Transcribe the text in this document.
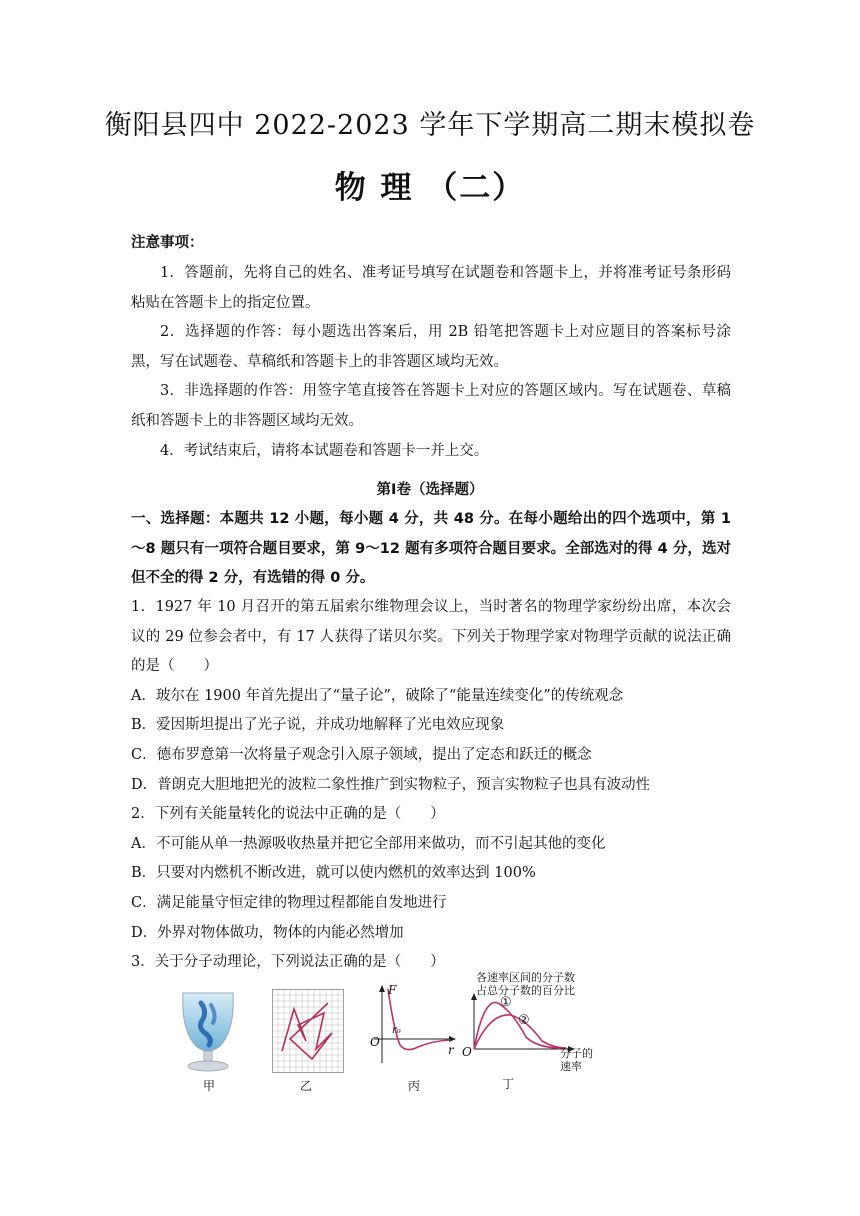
衡阳县四中 2022-2023 学年下学期高二期末模拟卷
物 理 （二）
注意事项：

1．答题前，先将自己的姓名、准考证号填写在试题卷和答题卡上，并将准考证号条形码粘贴在答题卡上的指定位置。

2．选择题的作答：每小题选出答案后，用 2B 铅笔把答题卡上对应题目的答案标号涂黑，写在试题卷、草稿纸和答题卡上的非答题区域均无效。

3．非选择题的作答：用签字笔直接答在答题卡上对应的答题区域内。写在试题卷、草稿纸和答题卡上的非答题区域均无效。

4．考试结束后，请将本试题卷和答题卡一并上交。

第Ⅰ卷（选择题）
一、选择题：本题共 12 小题，每小题 4 分，共 48 分。在每小题给出的四个选项中，第 1～8 题只有一项符合题目要求，第 9～12 题有多项符合题目要求。全部选对的得 4 分，选对但不全的得 2 分，有选错的得 0 分。

1．1927 年 10 月召开的第五届索尔维物理会议上，当时著名的物理学家纷纷出席，本次会议的 29 位参会者中，有 17 人获得了诺贝尔奖。下列关于物理学家对物理学贡献的说法正确的是（　　）

A．玻尔在 1900 年首先提出了“量子论”，破除了“能量连续变化”的传统观念

B．爱因斯坦提出了光子说，并成功地解释了光电效应现象

C．德布罗意第一次将量子观念引入原子领域，提出了定态和跃迁的概念

D．普朗克大胆地把光的波粒二象性推广到实物粒子，预言实物粒子也具有波动性

2．下列有关能量转化的说法中正确的是（　　）

A．不可能从单一热源吸收热量并把它全部用来做功，而不引起其他的变化

B．只要对内燃机不断改进，就可以使内燃机的效率达到 100%

C．满足能量守恒定律的物理过程都能自发地进行

D．外界对物体做功，物体的内能必然增加

3．关于分子动理论，下列说法正确的是（　　）

甲	乙
F
O
r₀
r
丙
各速率区间的分子数
占总分子数的百分比
①
②
O	分子的
速率
丁
